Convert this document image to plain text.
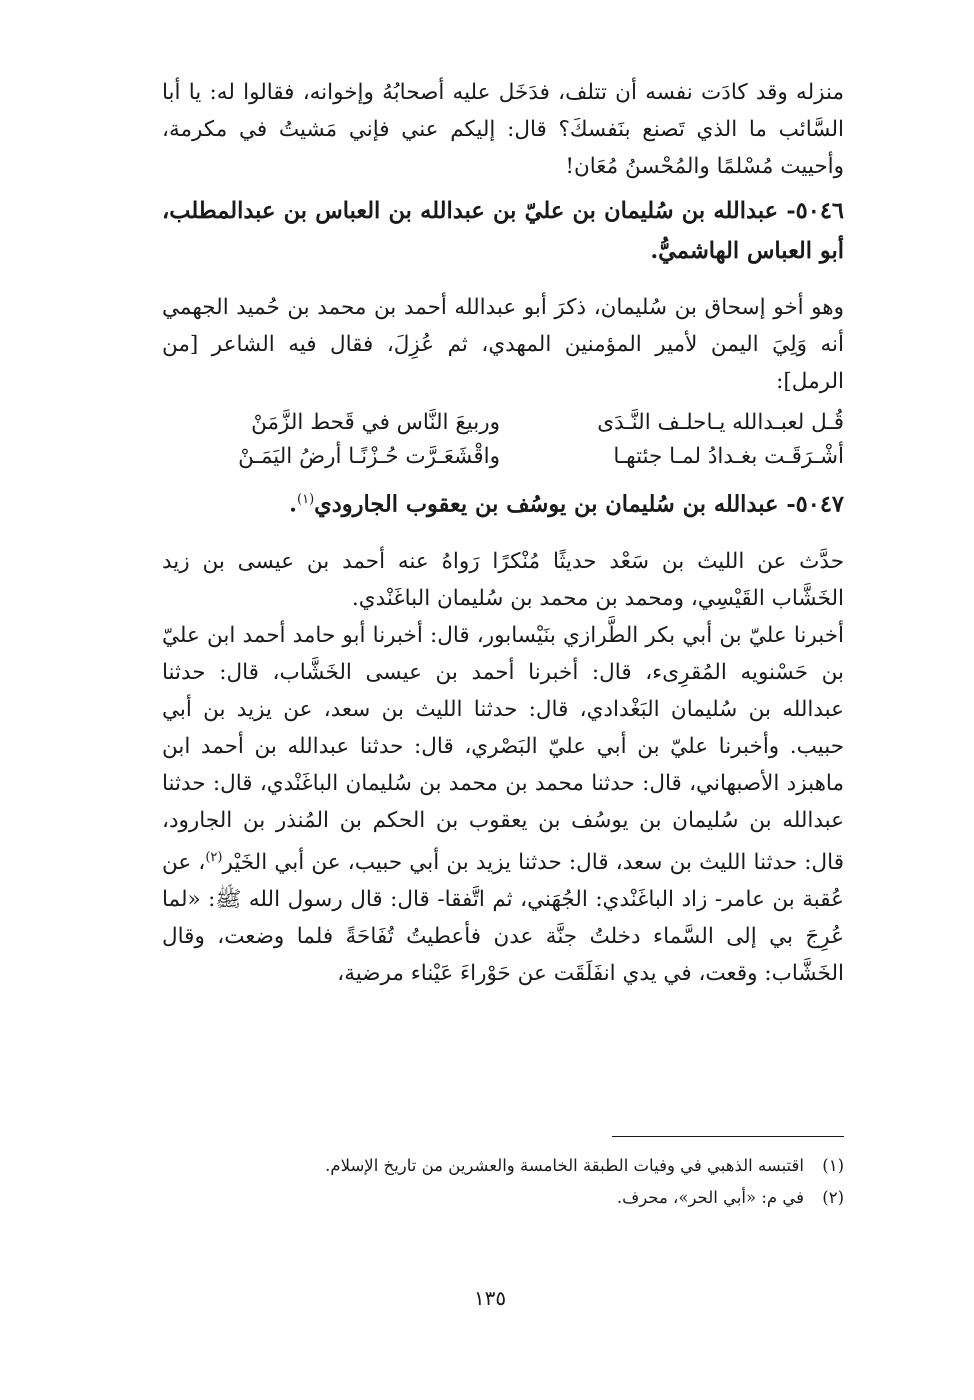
منزله وقد كادَت نفسه أن تتلف، فدَخَل عليه أصحابُهُ وإخوانه، فقالوا له: يا أبا السَّائب ما الذي تَصنع بنَفسكَ؟ قال: إليكم عني فإني مَشيتُ في مكرمة، وأحييت مُسْلمًا والمُحْسنُ مُعَان!

٥٠٤٦- عبدالله بن سُليمان بن عليّ بن عبدالله بن العباس بن عبدالمطلب، أبو العباس الهاشميُّ.

وهو أخو إسحاق بن سُليمان، ذكرَ أبو عبدالله أحمد بن محمد بن حُميد الجهمي أنه وَلِيَ اليمن لأمير المؤمنين المهدي، ثم عُزِلَ، فقال فيه الشاعر [من الرمل]:

قُـل لعبـدالله يـاحلـف النَّـدَى
وربيعَ النَّاس في قَحط الزَّمَنْ
أشْـرَقَـت بغـدادُ لمـا جئتهـا
واقْشَعَـرَّت حُـزْنًـا أرضُ اليَمَـنْ
٥٠٤٧- عبدالله بن سُليمان بن يوسُف بن يعقوب الجارودي$^{(١)}$.

حدَّث عن الليث بن سَعْد حديثًا مُنْكرًا رَواهُ عنه أحمد بن عيسى بن زيد الخَشَّاب القَيْسِي، ومحمد بن محمد بن سُليمان الباغَنْدي.

أخبرنا عليّ بن أبي بكر الطَّرازي بنَيْسابور، قال: أخبرنا أبو حامد أحمد ابن عليّ بن حَسْنويه المُقرِىء، قال: أخبرنا أحمد بن عيسى الخَشَّاب، قال: حدثنا عبدالله بن سُليمان البَغْدادي، قال: حدثنا الليث بن سعد، عن يزيد بن أبي حبيب. وأخبرنا عليّ بن أبي عليّ البَصْري، قال: حدثنا عبدالله بن أحمد ابن ماهبزد الأصبهاني، قال: حدثنا محمد بن محمد بن سُليمان الباغَنْدي، قال: حدثنا عبدالله بن سُليمان بن يوسُف بن يعقوب بن الحكم بن المُنذر بن الجارود، قال: حدثنا الليث بن سعد، قال: حدثنا يزيد بن أبي حبيب، عن أبي الخَيْر$^{(٢)}$، عن عُقبة بن عامر- زاد الباغَنْدي: الجُهَني، ثم اتَّفقا- قال: قال رسول الله ﷺ: «لما عُرِجَ بي إلى السَّماء دخلتُ جنَّة عدن فأعطيتُ تُفَاحَةً فلما وضعت، وقال الخَشَّاب: وقعت، في يدي انفَلَقَت عن حَوْراءَ عَيْناء مرضية،

(١)
اقتبسه الذهبي في وفيات الطبقة الخامسة والعشرين من تاريخ الإسلام.
(٢)
في م: «أبي الحر»، محرف.
١٣٥
